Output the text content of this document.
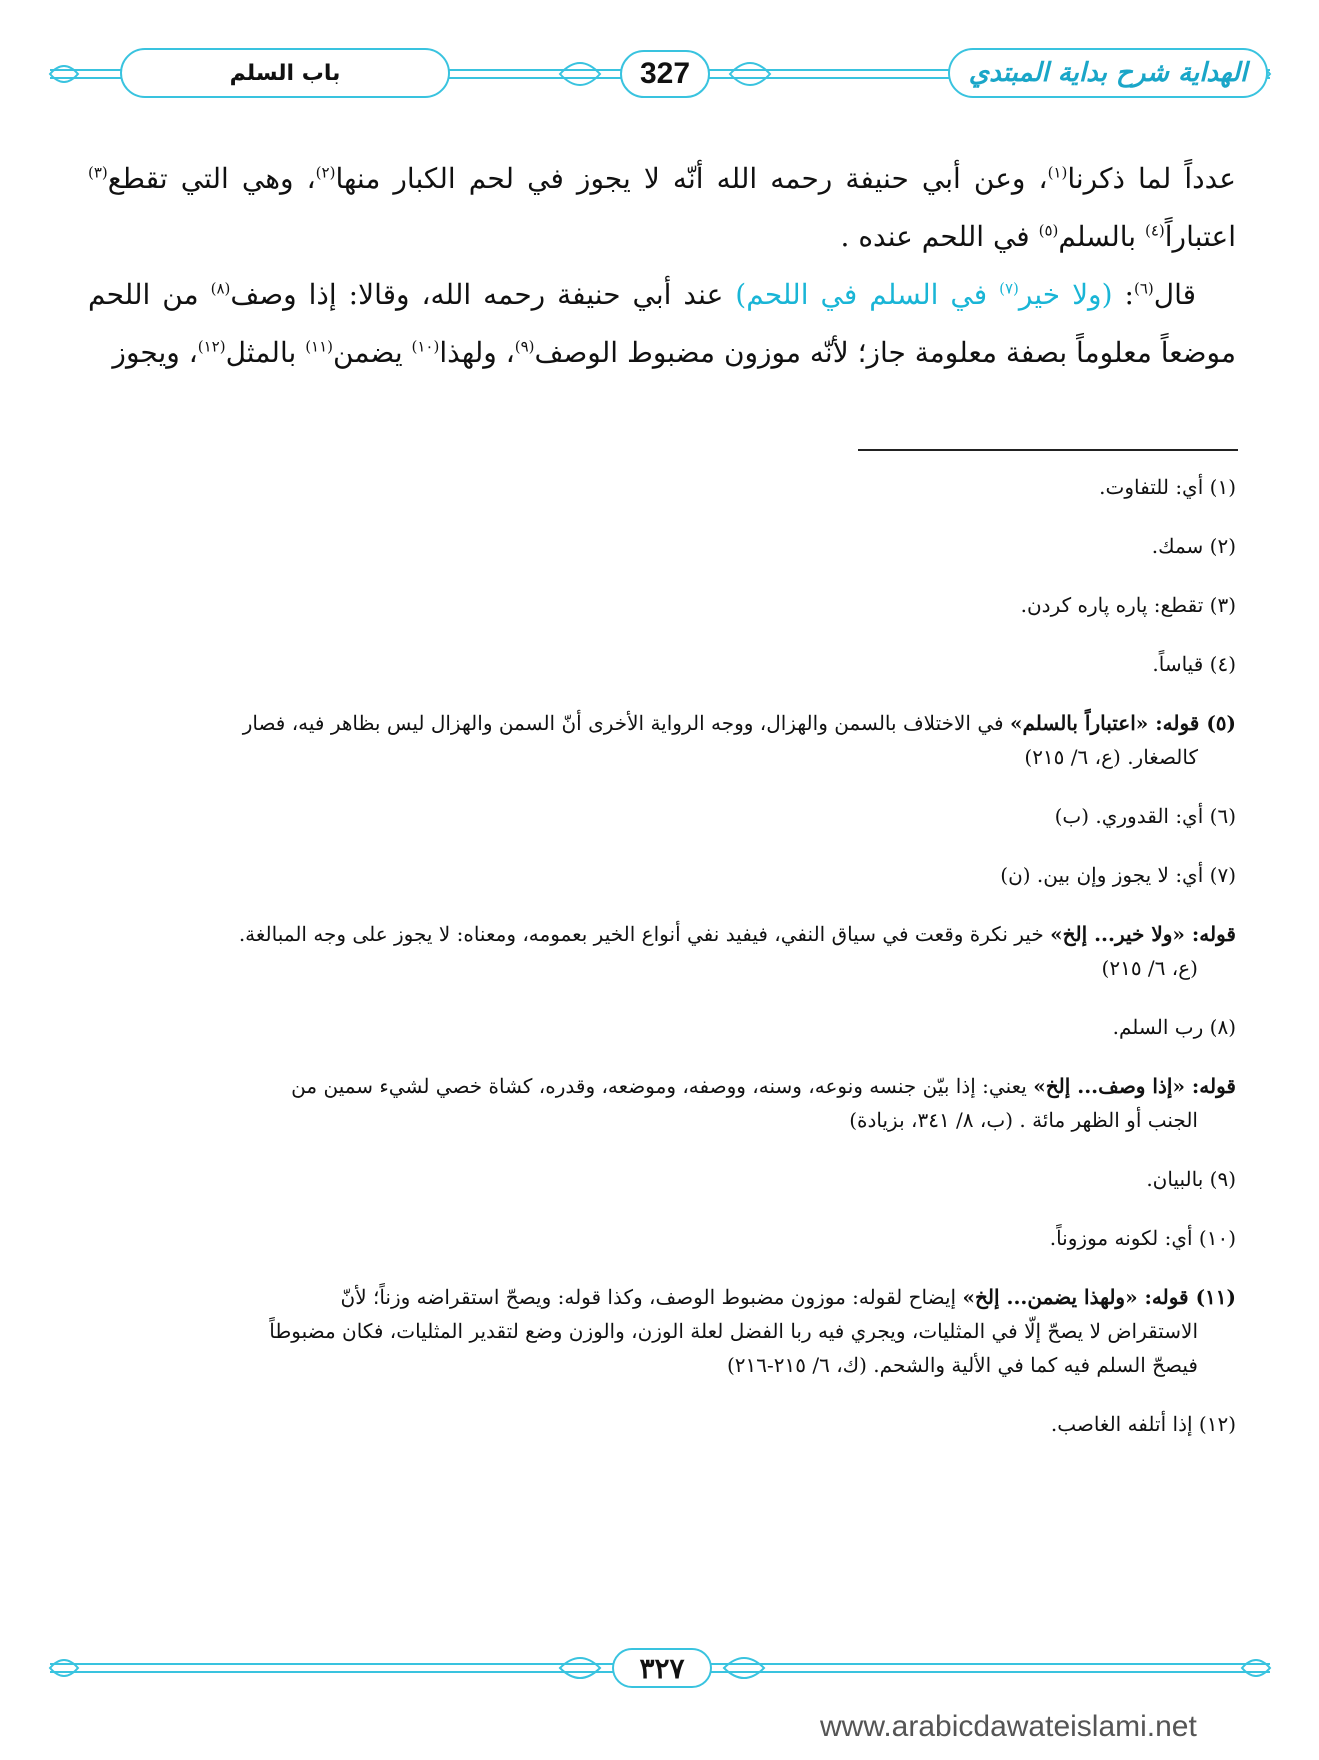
الهداية شرح بداية المبتدي
327
باب السلم

عدداً لما ذكرنا$^{(١)}$، وعن أبي حنيفة رحمه الله أنّه لا يجوز في لحم الكبار منها$^{(٢)}$، وهي التي تقطع$^{(٣)}$ اعتباراً$^{(٤)}$ بالسلم$^{(٥)}$ في اللحم عنده .

قال$^{(٦)}$: (ولا خير$^{(٧)}$ في السلم في اللحم) عند أبي حنيفة رحمه الله، وقالا: إذا وصف$^{(٨)}$ من اللحم موضعاً معلوماً بصفة معلومة جاز؛ لأنّه موزون مضبوط الوصف$^{(٩)}$، ولهذا$^{(١٠)}$ يضمن$^{(١١)}$ بالمثل$^{(١٢)}$، ويجوز

(١) أي: للتفاوت.

(٢) سمك.

(٣) تقطع: پاره پاره كردن.

(٤) قياساً.

(٥) قوله: «اعتباراً بالسلم» في الاختلاف بالسمن والهزال، ووجه الرواية الأخرى أنّ السمن والهزال ليس بظاهر فيه، فصار
كالصغار. (ع، ٦/ ٢١٥)

(٦) أي: القدوري. (ب)

(٧) أي: لا يجوز وإن بين. (ن)

قوله: «ولا خير... إلخ» خير نكرة وقعت في سياق النفي، فيفيد نفي أنواع الخير بعمومه، ومعناه: لا يجوز على وجه المبالغة.
(ع، ٦/ ٢١٥)

(٨) رب السلم.

قوله: «إذا وصف... إلخ» يعني: إذا بيّن جنسه ونوعه، وسنه، ووصفه، وموضعه، وقدره، كشاة خصي لشيء سمين من
الجنب أو الظهر مائة . (ب، ٨/ ٣٤١، بزيادة)

(٩) بالبيان.

(١٠) أي: لكونه موزوناً.

(١١) قوله: «ولهذا يضمن... إلخ» إيضاح لقوله: موزون مضبوط الوصف، وكذا قوله: ويصحّ استقراضه وزناً؛ لأنّ
الاستقراض لا يصحّ إلّا في المثليات، ويجري فيه ربا الفضل لعلة الوزن، والوزن وضع لتقدير المثليات، فكان مضبوطاً
فيصحّ السلم فيه كما في الألية والشحم. (ك، ٦/ ٢١٥-٢١٦)

(١٢) إذا أتلفه الغاصب.

٣٢٧
www.arabicdawateislami.net
